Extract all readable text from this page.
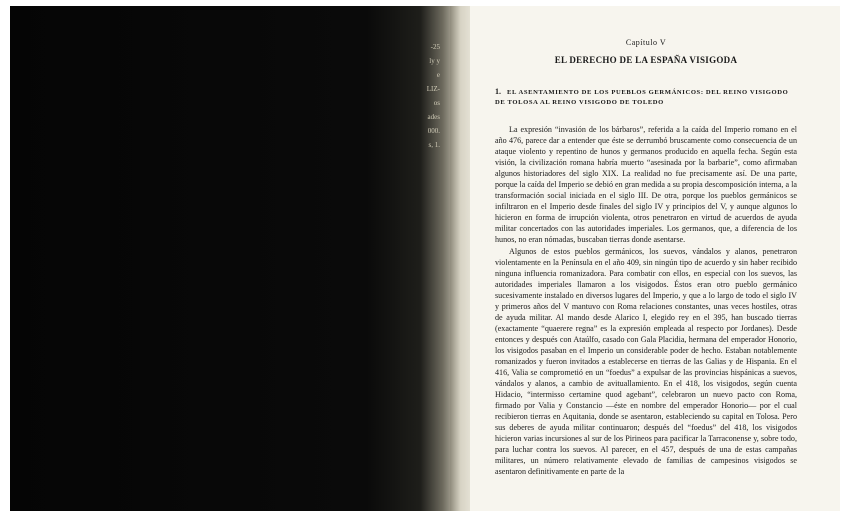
-25
ly y
e
LIZ-
os
ades
000.
s, 1.

Capítulo V

EL DERECHO DE LA ESPAÑA VISIGODA
1. EL ASENTAMIENTO DE LOS PUEBLOS GERMÁNICOS: DEL REINO VISIGODO DE TOLOSA AL REINO VISIGODO DE TOLEDO

La expresión “invasión de los bárbaros”, referida a la caída del Imperio romano en el año 476, parece dar a entender que éste se derrumbó bruscamente como consecuencia de un ataque violento y repentino de hunos y germanos producido en aquella fecha. Según esta visión, la civilización romana habría muerto “asesinada por la barbarie”, como afirmaban algunos historiadores del siglo XIX. La realidad no fue precisamente así. De una parte, porque la caída del Imperio se debió en gran medida a su propia descomposición interna, a la transformación social iniciada en el siglo III. De otra, porque los pueblos germánicos se infiltraron en el Imperio desde finales del siglo IV y principios del V, y aunque algunos lo hicieron en forma de irrupción violenta, otros penetraron en virtud de acuerdos de ayuda militar concertados con las autoridades imperiales. Los germanos, que, a diferencia de los hunos, no eran nómadas, buscaban tierras donde asentarse.

Algunos de estos pueblos germánicos, los suevos, vándalos y alanos, penetraron violentamente en la Península en el año 409, sin ningún tipo de acuerdo y sin haber recibido ninguna influencia romanizadora. Para combatir con ellos, en especial con los suevos, las autoridades imperiales llamaron a los visigodos. Éstos eran otro pueblo germánico sucesivamente instalado en diversos lugares del Imperio, y que a lo largo de todo el siglo IV y primeros años del V mantuvo con Roma relaciones constantes, unas veces hostiles, otras de ayuda militar. Al mando desde Alarico I, elegido rey en el 395, han buscado tierras (exactamente “quaerere regna” es la expresión empleada al respecto por Jordanes). Desde entonces y después con Ataúlfo, casado con Gala Placidia, hermana del emperador Honorio, los visigodos pasaban en el Imperio un considerable poder de hecho. Estaban notablemente romanizados y fueron invitados a establecerse en tierras de las Galias y de Hispania. En el 416, Valia se comprometió en un “foedus” a expulsar de las provincias hispánicas a suevos, vándalos y alanos, a cambio de avituallamiento. En el 418, los visigodos, según cuenta Hidacio, “intermisso certamine quod agebant”, celebraron un nuevo pacto con Roma, firmado por Valia y Constancio —éste en nombre del emperador Honorio— por el cual recibieron tierras en Aquitania, donde se asentaron, estableciendo su capital en Tolosa. Pero sus deberes de ayuda militar continuaron; después del “foedus” del 418, los visigodos hicieron varias incursiones al sur de los Pirineos para pacificar la Tarraconense y, sobre todo, para luchar contra los suevos. Al parecer, en el 457, después de una de estas campañas militares, un número relativamente elevado de familias de campesinos visigodos se asentaron definitivamente en parte de la
